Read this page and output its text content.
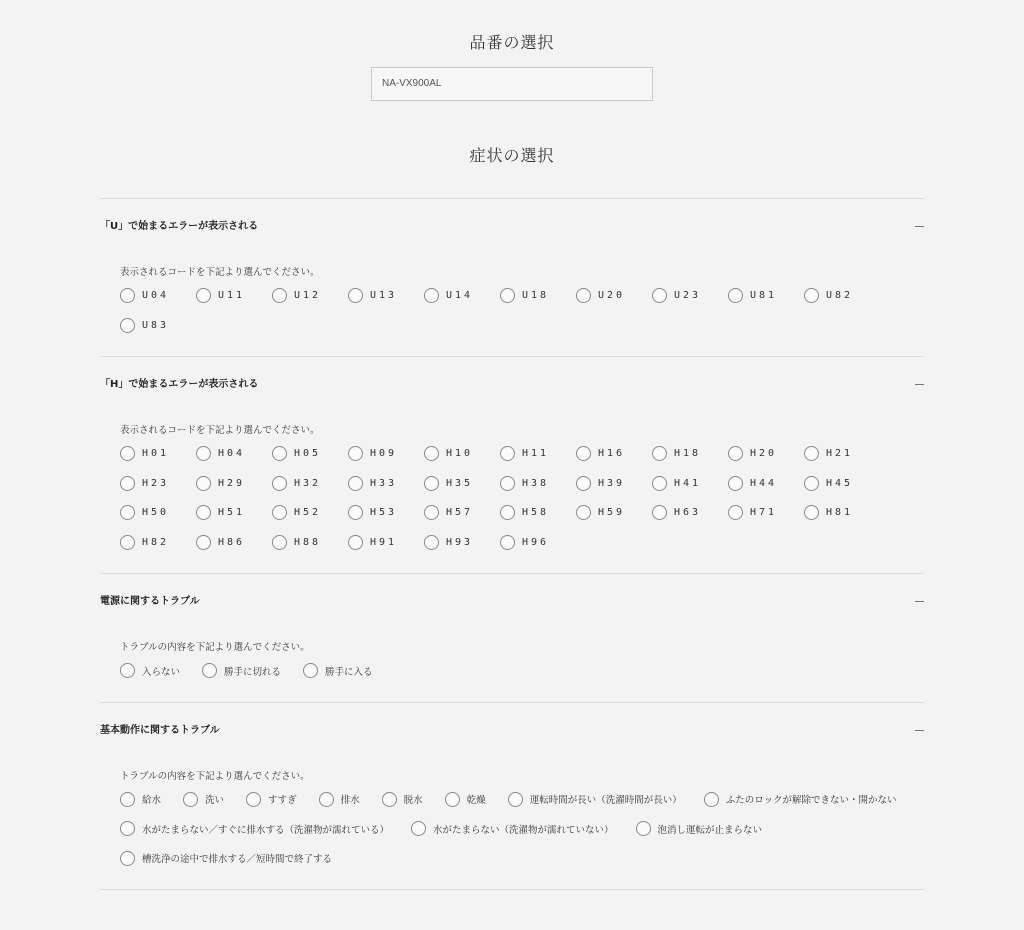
品番の選択
NA-VX900AL
症状の選択
「U」で始まるエラーが表示される
表示されるコードを下記より選んでください。
U04	U11	U12	U13	U14	U18	U20	U23	U81	U82
U83
「H」で始まるエラーが表示される
表示されるコードを下記より選んでください。
H01	H04	H05	H09	H10	H11	H16	H18	H20	H21
H23	H29	H32	H33	H35	H38	H39	H41	H44	H45
H50	H51	H52	H53	H57	H58	H59	H63	H71	H81
H82	H86	H88	H91	H93	H96
電源に関するトラブル
トラブルの内容を下記より選んでください。
入らない	勝手に切れる	勝手に入る
基本動作に関するトラブル
トラブルの内容を下記より選んでください。
給水	洗い	すすぎ	排水	脱水	乾燥	運転時間が長い（洗濯時間が長い）	ふたのロックが解除できない・開かない
水がたまらない／すぐに排水する（洗濯物が濡れている）	水がたまらない（洗濯物が濡れていない）	泡消し運転が止まらない
槽洗浄の途中で排水する／短時間で終了する
